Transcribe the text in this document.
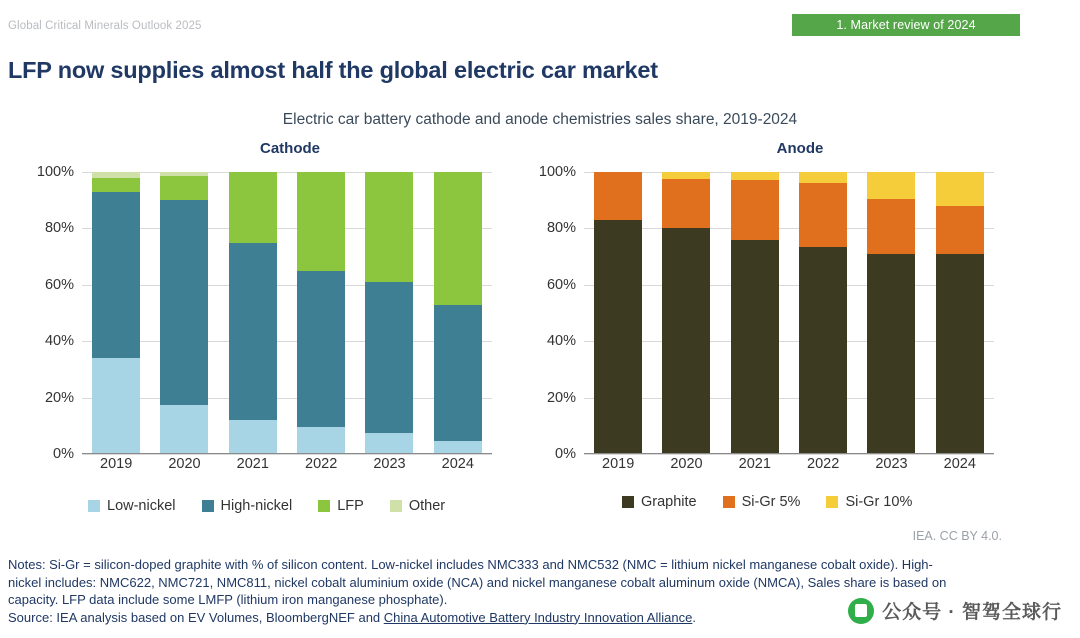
Global Critical Minerals Outlook 2025	1. Market review of 2024
LFP now supplies almost half the global electric car market
Electric car battery cathode and anode chemistries sales share, 2019-2024
Cathode	Anode
0%
20%
40%
60%
80%
100%
2019	2020	2021	2022	2023	2024
Low-nickel	High-nickel	LFP	Other
0%
20%
40%
60%
80%
100%
2019	2020	2021	2022	2023	2024
Graphite	Si-Gr 5%	Si-Gr 10%
IEA. CC BY 4.0.
Notes: Si-Gr = silicon-doped graphite with % of silicon content. Low-nickel includes NMC333 and NMC532 (NMC = lithium nickel manganese cobalt oxide). High-
nickel includes: NMC622, NMC721, NMC811, nickel cobalt aluminium oxide (NCA) and nickel manganese cobalt aluminum oxide (NMCA), Sales share is based on
capacity. LFP data include some LMFP (lithium iron manganese phosphate).
Source: IEA analysis based on EV Volumes, BloombergNEF and China Automotive Battery Industry Innovation Alliance.	公众号 · 智驾全球行
